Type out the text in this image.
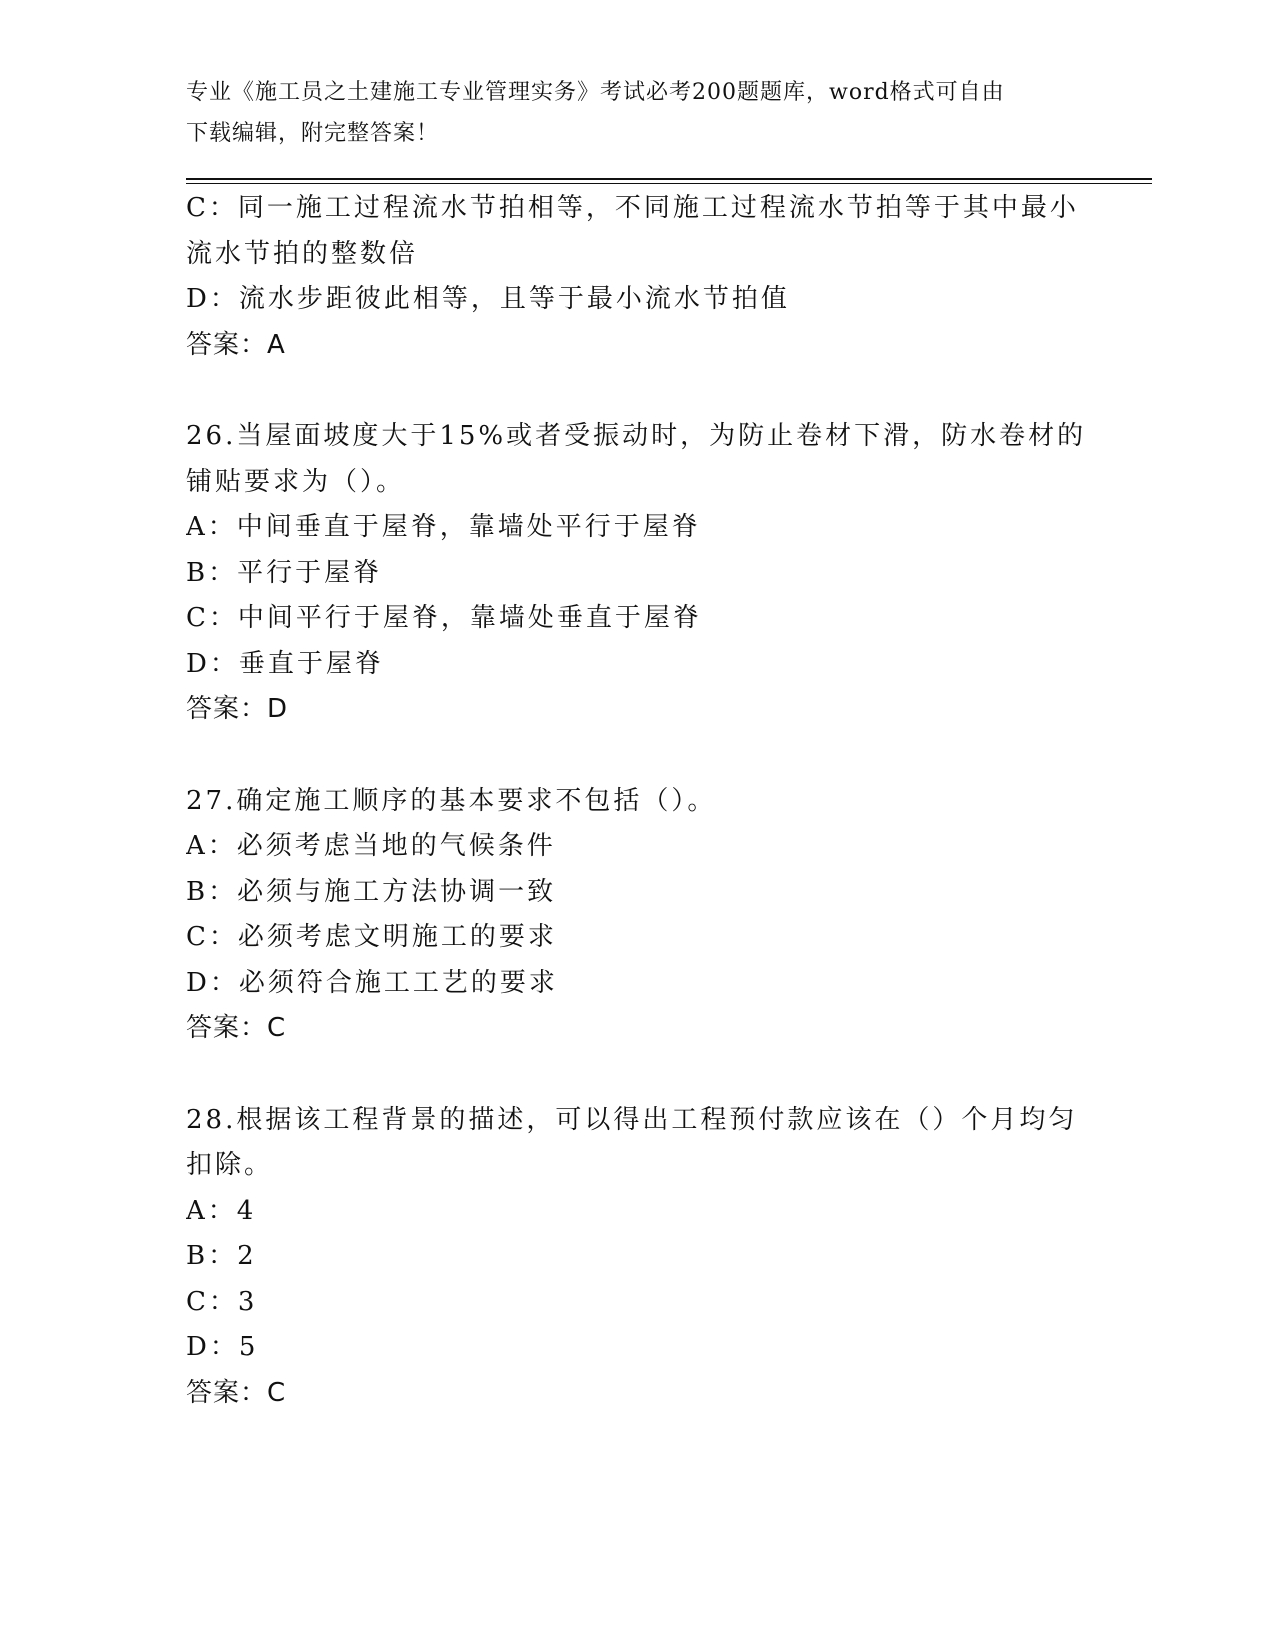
专业《施工员之土建施工专业管理实务》考试必考200题题库，word格式可自由
下载编辑，附完整答案！
C：同一施工过程流水节拍相等，不同施工过程流水节拍等于其中最小
流水节拍的整数倍
D：流水步距彼此相等，且等于最小流水节拍值
答案：A
26.当屋面坡度大于15%或者受振动时，为防止卷材下滑，防水卷材的
铺贴要求为（）。
A：中间垂直于屋脊，靠墙处平行于屋脊
B：平行于屋脊
C：中间平行于屋脊，靠墙处垂直于屋脊
D：垂直于屋脊
答案：D
27.确定施工顺序的基本要求不包括（）。
A：必须考虑当地的气候条件
B：必须与施工方法协调一致
C：必须考虑文明施工的要求
D：必须符合施工工艺的要求
答案：C
28.根据该工程背景的描述，可以得出工程预付款应该在（）个月均匀
扣除。
A：4
B：2
C：3
D：5
答案：C
